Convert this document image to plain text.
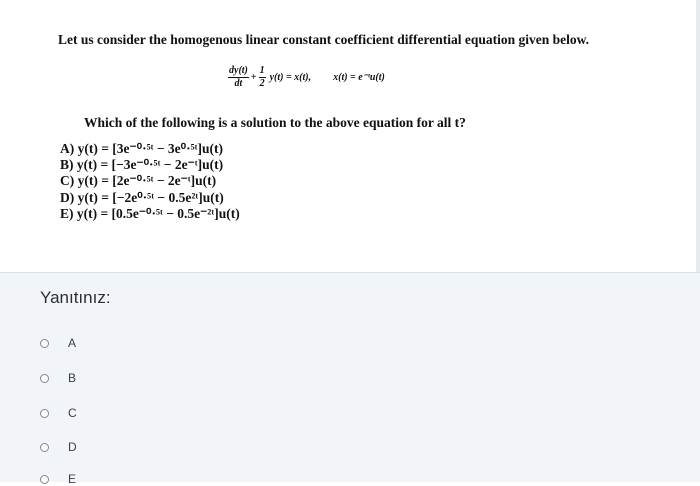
Let us consider the homogenous linear constant coefficient differential equation given below.
$\frac{dy(t)}{dt} + \frac{1}{2} y(t) = x(t)$, x(t) = e⁻ᵗu(t)
Which of the following is a solution to the above equation for all t?
A) y(t) = [3e⁻⁰·⁵ᵗ − 3e⁰·⁵ᵗ]u(t)
B) y(t) = [−3e⁻⁰·⁵ᵗ − 2e⁻ᵗ]u(t)
C) y(t) = [2e⁻⁰·⁵ᵗ − 2e⁻ᵗ]u(t)
D) y(t) = [−2e⁰·⁵ᵗ − 0.5e²ᵗ]u(t)
E) y(t) = [0.5e⁻⁰·⁵ᵗ − 0.5e⁻²ᵗ]u(t)
Yanıtınız:
A
B
C
D
E
